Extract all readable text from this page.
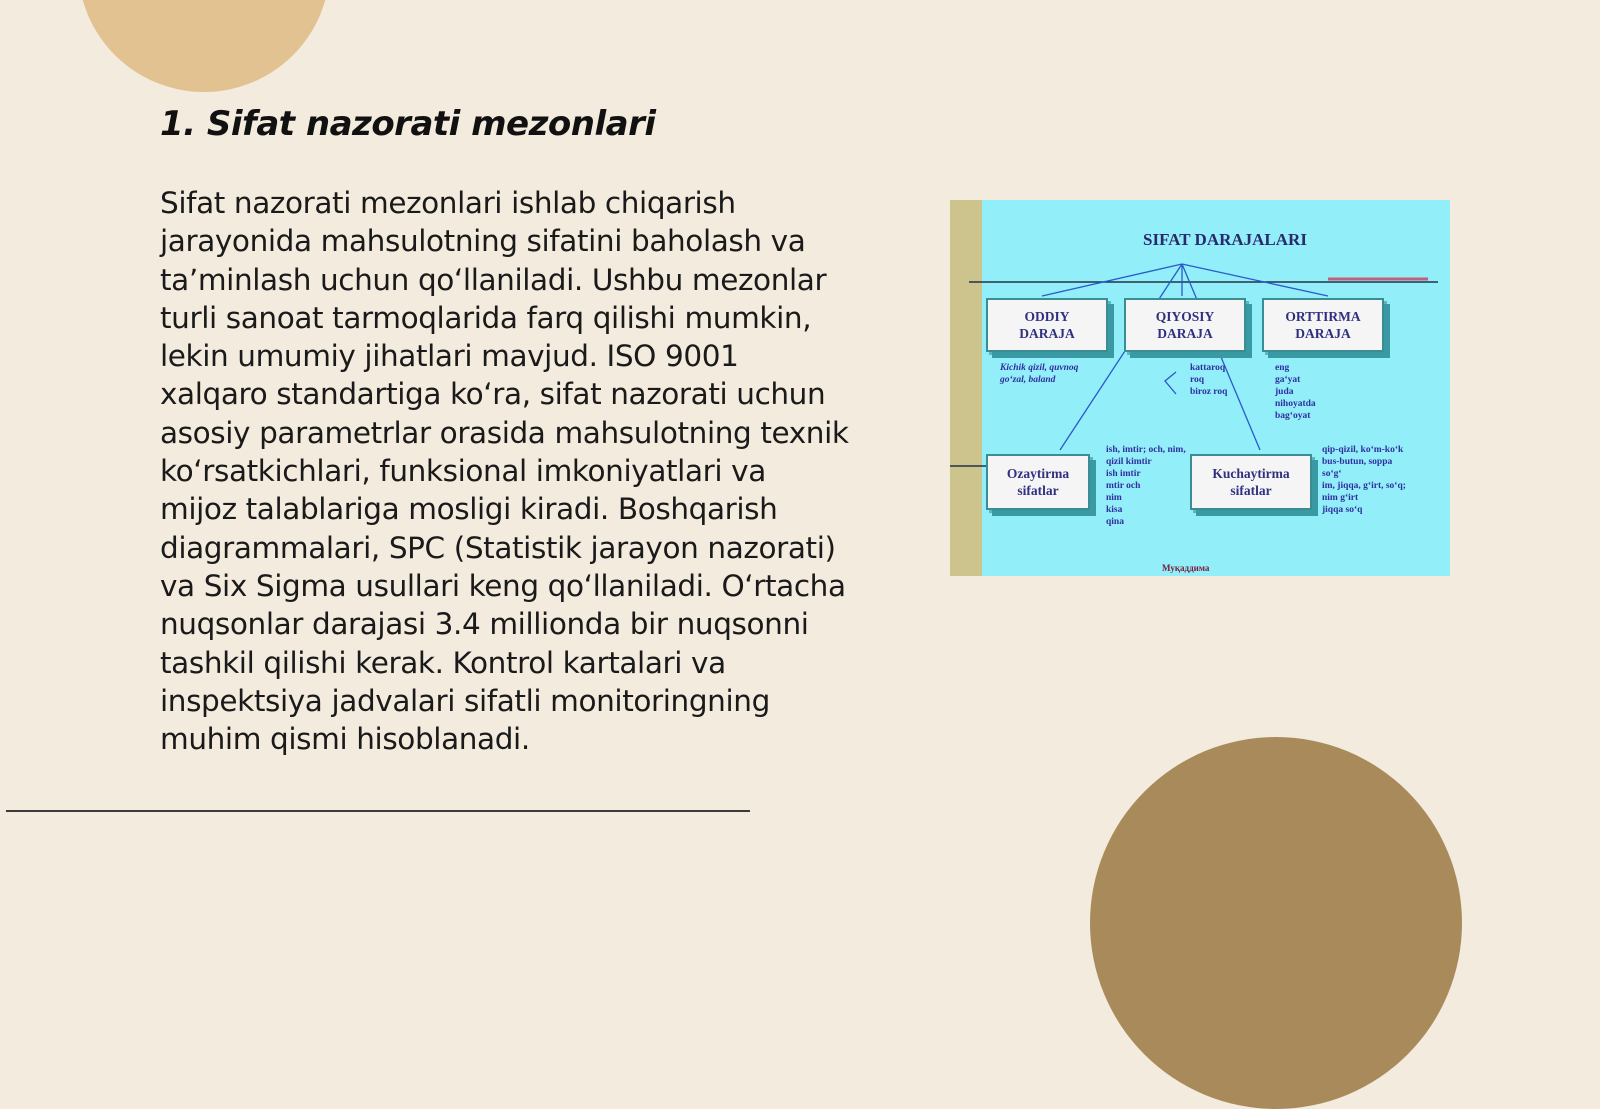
1. Sifat nazorati mezonlari

Sifat nazorati mezonlari ishlab chiqarish jarayonida mahsulotning sifatini baholash va ta’minlash uchun qo‘llaniladi. Ushbu mezonlar turli sanoat tarmoqlarida farq qilishi mumkin, lekin umumiy jihatlari mavjud. ISO 9001 xalqaro standartiga ko‘ra, sifat nazorati uchun asosiy parametrlar orasida mahsulotning texnik ko‘rsatkichlari, funksional imkoniyatlari va mijoz talablariga mosligi kiradi. Boshqarish diagrammalari, SPC (Statistik jarayon nazorati) va Six Sigma usullari keng qo‘llaniladi. O‘rtacha nuqsonlar darajasi 3.4 millionda bir nuqsonni tashkil qilishi kerak. Kontrol kartalari va inspektsiya jadvalari sifatli monitoringning muhim qismi hisoblanadi.

SIFAT DARAJALARI
ODDIY
DARAJA
QIYOSIY
DARAJA
ORTTIRMA
DARAJA
Ozaytirma
sifatlar
Kuchaytirma
sifatlar
Kichik qizil, quvnoq
go‘zal, baland
kattaroq
roq
biroz roq
eng
ga‘yat
juda
nihoyatda
bag‘oyat
ish, imtir; och, nim,
qizil kimtir
ish imtir
mtir och
nim
kisa
qina
qip-qizil, ko‘m-ko‘k
bus-butun, soppa
so‘g‘
im, jiqqa, g‘irt, so‘q;
nim g‘irt
jiqqa so‘q
Муқаддима
